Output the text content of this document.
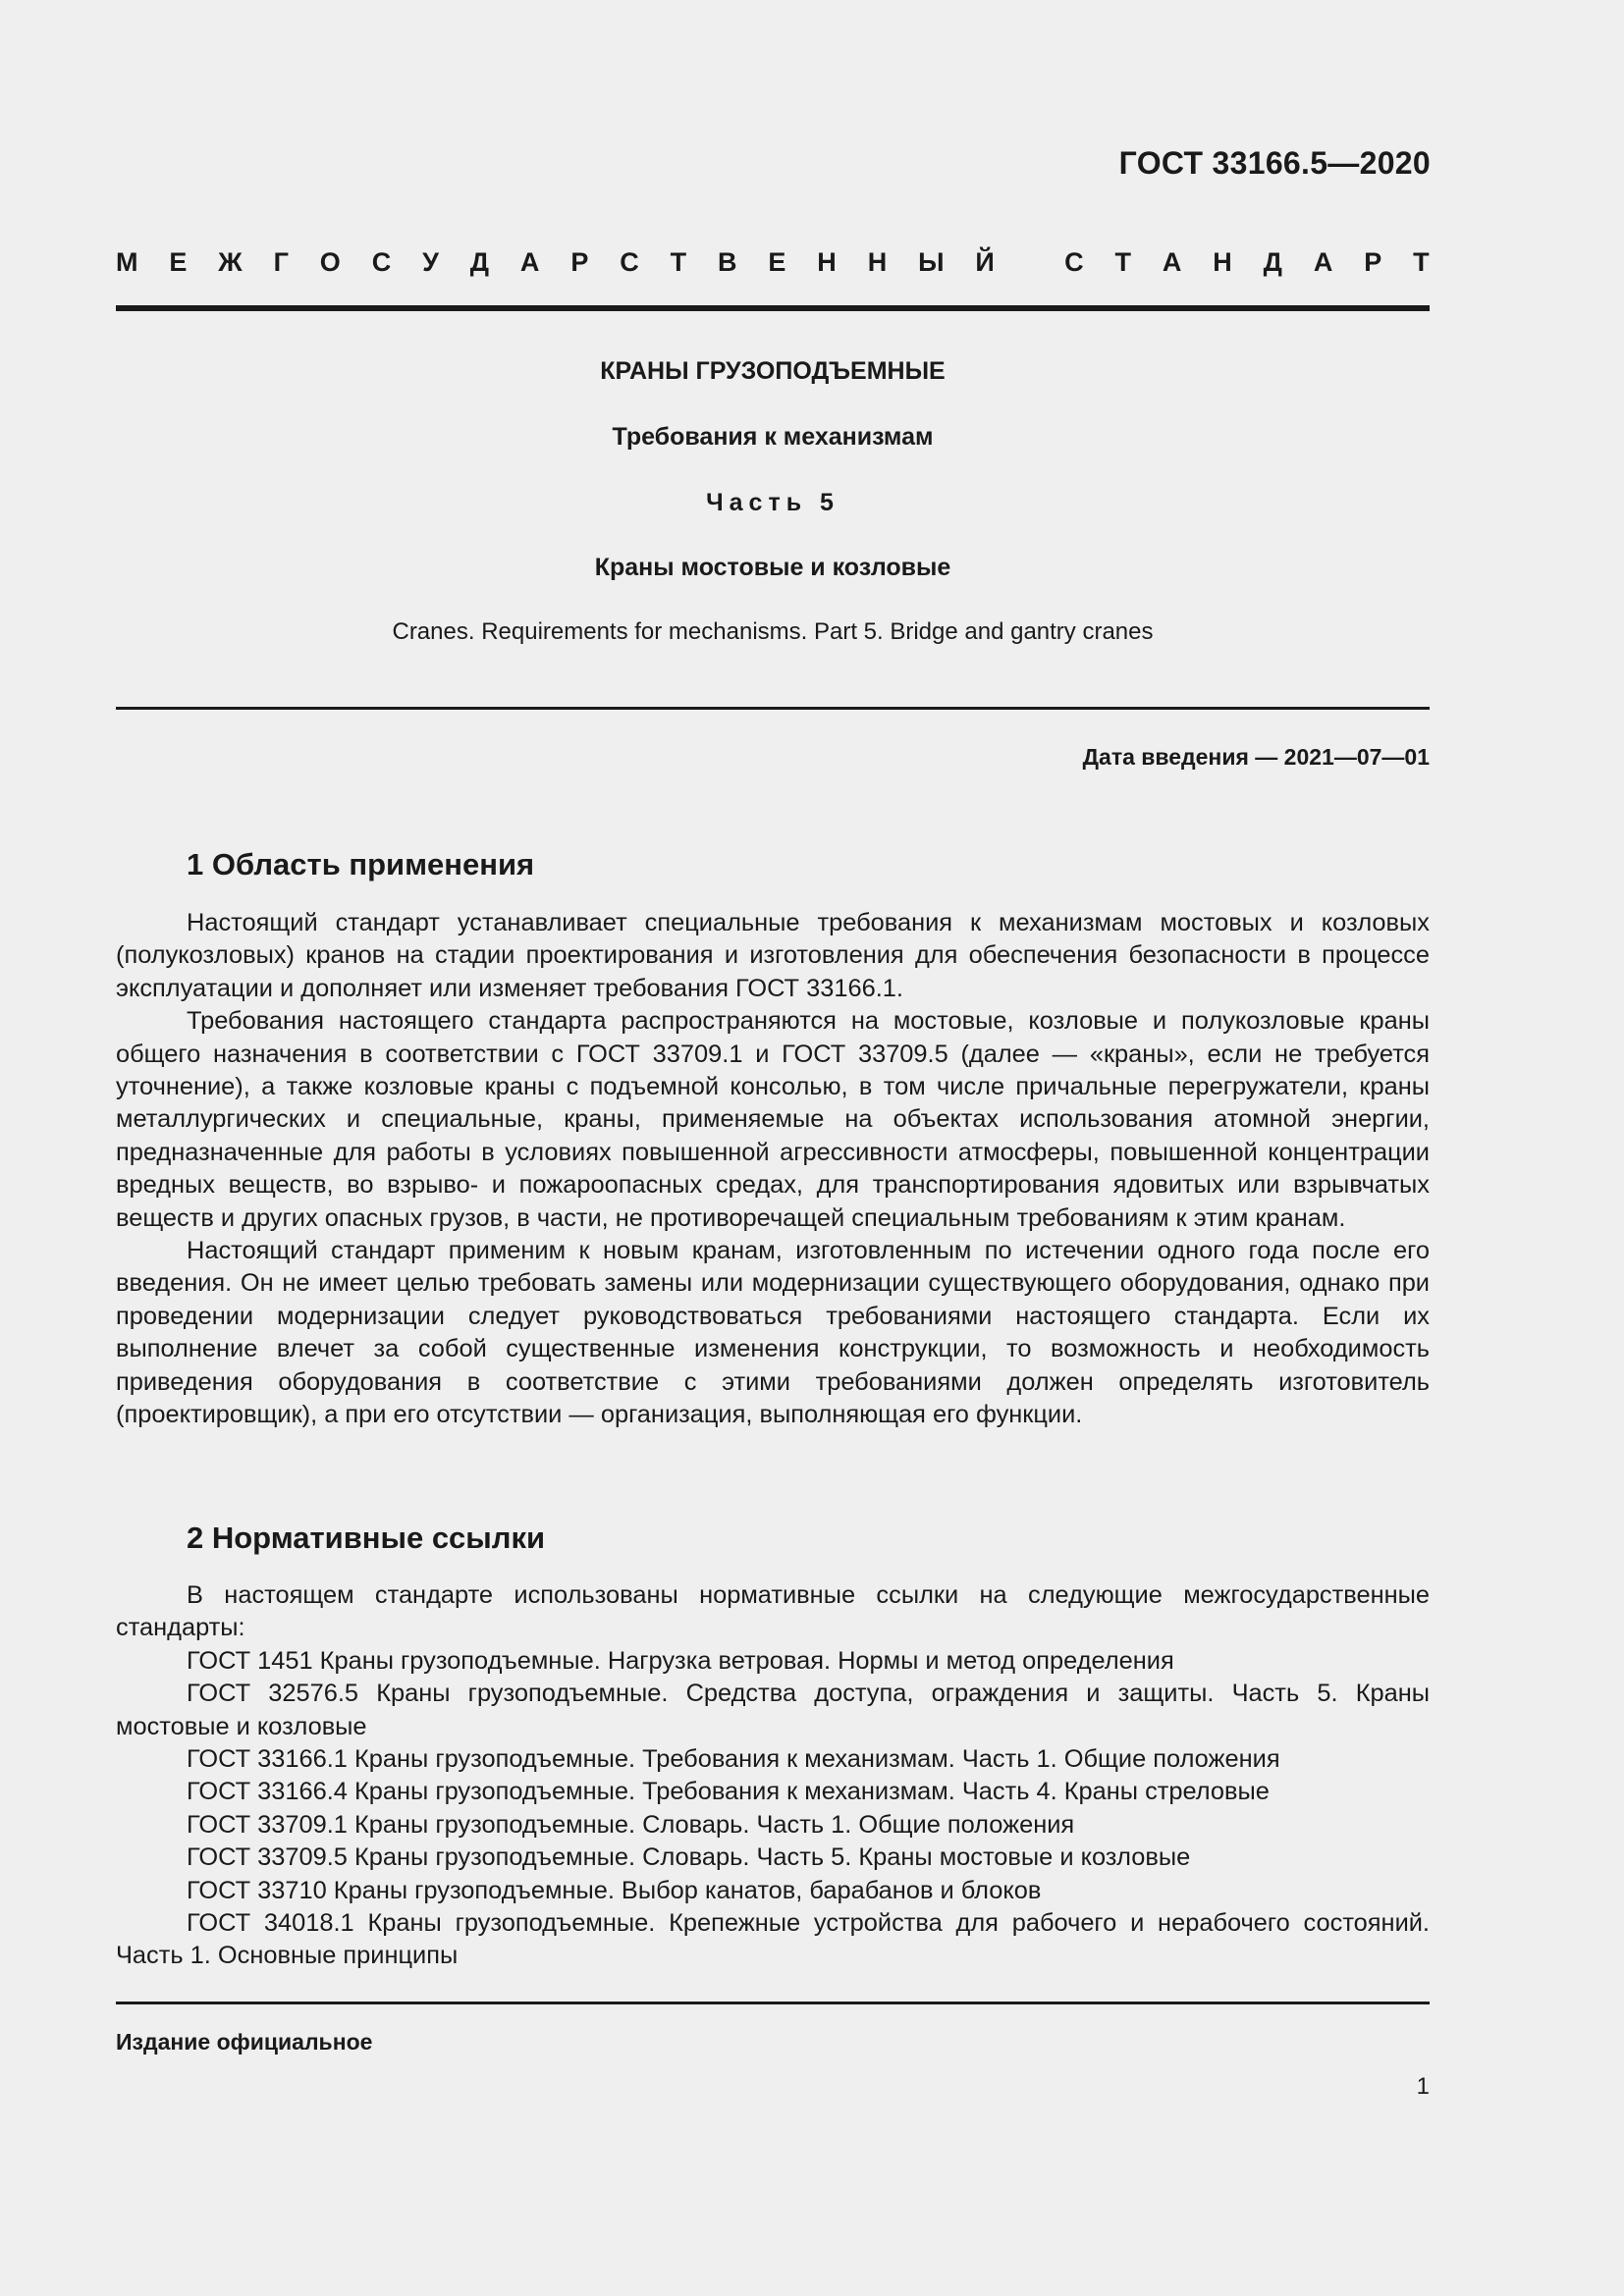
ГОСТ 33166.5—2020
М Е Ж Г О С У Д А Р С Т В Е Н Н Ы Й
	С Т А Н Д А Р Т
КРАНЫ ГРУЗОПОДЪЕМНЫЕ
Требования к механизмам
Часть 5
Краны мостовые и козловые
Cranes. Requirements for mechanisms. Part 5. Bridge and gantry cranes
Дата введения — 2021—07—01
1 Область применения

Настоящий стандарт устанавливает специальные требования к механизмам мостовых и козловых (полукозловых) кранов на стадии проектирования и изготовления для обеспечения безопасности в процессе эксплуатации и дополняет или изменяет требования ГОСТ 33166.1.

Требования настоящего стандарта распространяются на мостовые, козловые и полукозловые краны общего назначения в соответствии с ГОСТ 33709.1 и ГОСТ 33709.5 (далее — «краны», если не требуется уточнение), а также козловые краны с подъемной консолью, в том числе причальные перегружатели, краны металлургических и специальные, краны, применяемые на объектах использования атомной энергии, предназначенные для работы в условиях повышенной агрессивности атмосферы, повышенной концентрации вредных веществ, во взрыво- и пожароопасных средах, для транспортирования ядовитых или взрывчатых веществ и других опасных грузов, в части, не противоречащей специальным требованиям к этим кранам.

Настоящий стандарт применим к новым кранам, изготовленным по истечении одного года после его введения. Он не имеет целью требовать замены или модернизации существующего оборудования, однако при проведении модернизации следует руководствоваться требованиями настоящего стандарта. Если их выполнение влечет за собой существенные изменения конструкции, то возможность и необходимость приведения оборудования в соответствие с этими требованиями должен определять изготовитель (проектировщик), а при его отсутствии — организация, выполняющая его функции.

2 Нормативные ссылки

В настоящем стандарте использованы нормативные ссылки на следующие межгосударственные стандарты:

ГОСТ 1451 Краны грузоподъемные. Нагрузка ветровая. Нормы и метод определения

ГОСТ 32576.5 Краны грузоподъемные. Средства доступа, ограждения и защиты. Часть 5. Краны мостовые и козловые

ГОСТ 33166.1 Краны грузоподъемные. Требования к механизмам. Часть 1. Общие положения

ГОСТ 33166.4 Краны грузоподъемные. Требования к механизмам. Часть 4. Краны стреловые

ГОСТ 33709.1 Краны грузоподъемные. Словарь. Часть 1. Общие положения

ГОСТ 33709.5 Краны грузоподъемные. Словарь. Часть 5. Краны мостовые и козловые

ГОСТ 33710 Краны грузоподъемные. Выбор канатов, барабанов и блоков

ГОСТ 34018.1 Краны грузоподъемные. Крепежные устройства для рабочего и нерабочего состояний. Часть 1. Основные принципы

Издание официальное
1
